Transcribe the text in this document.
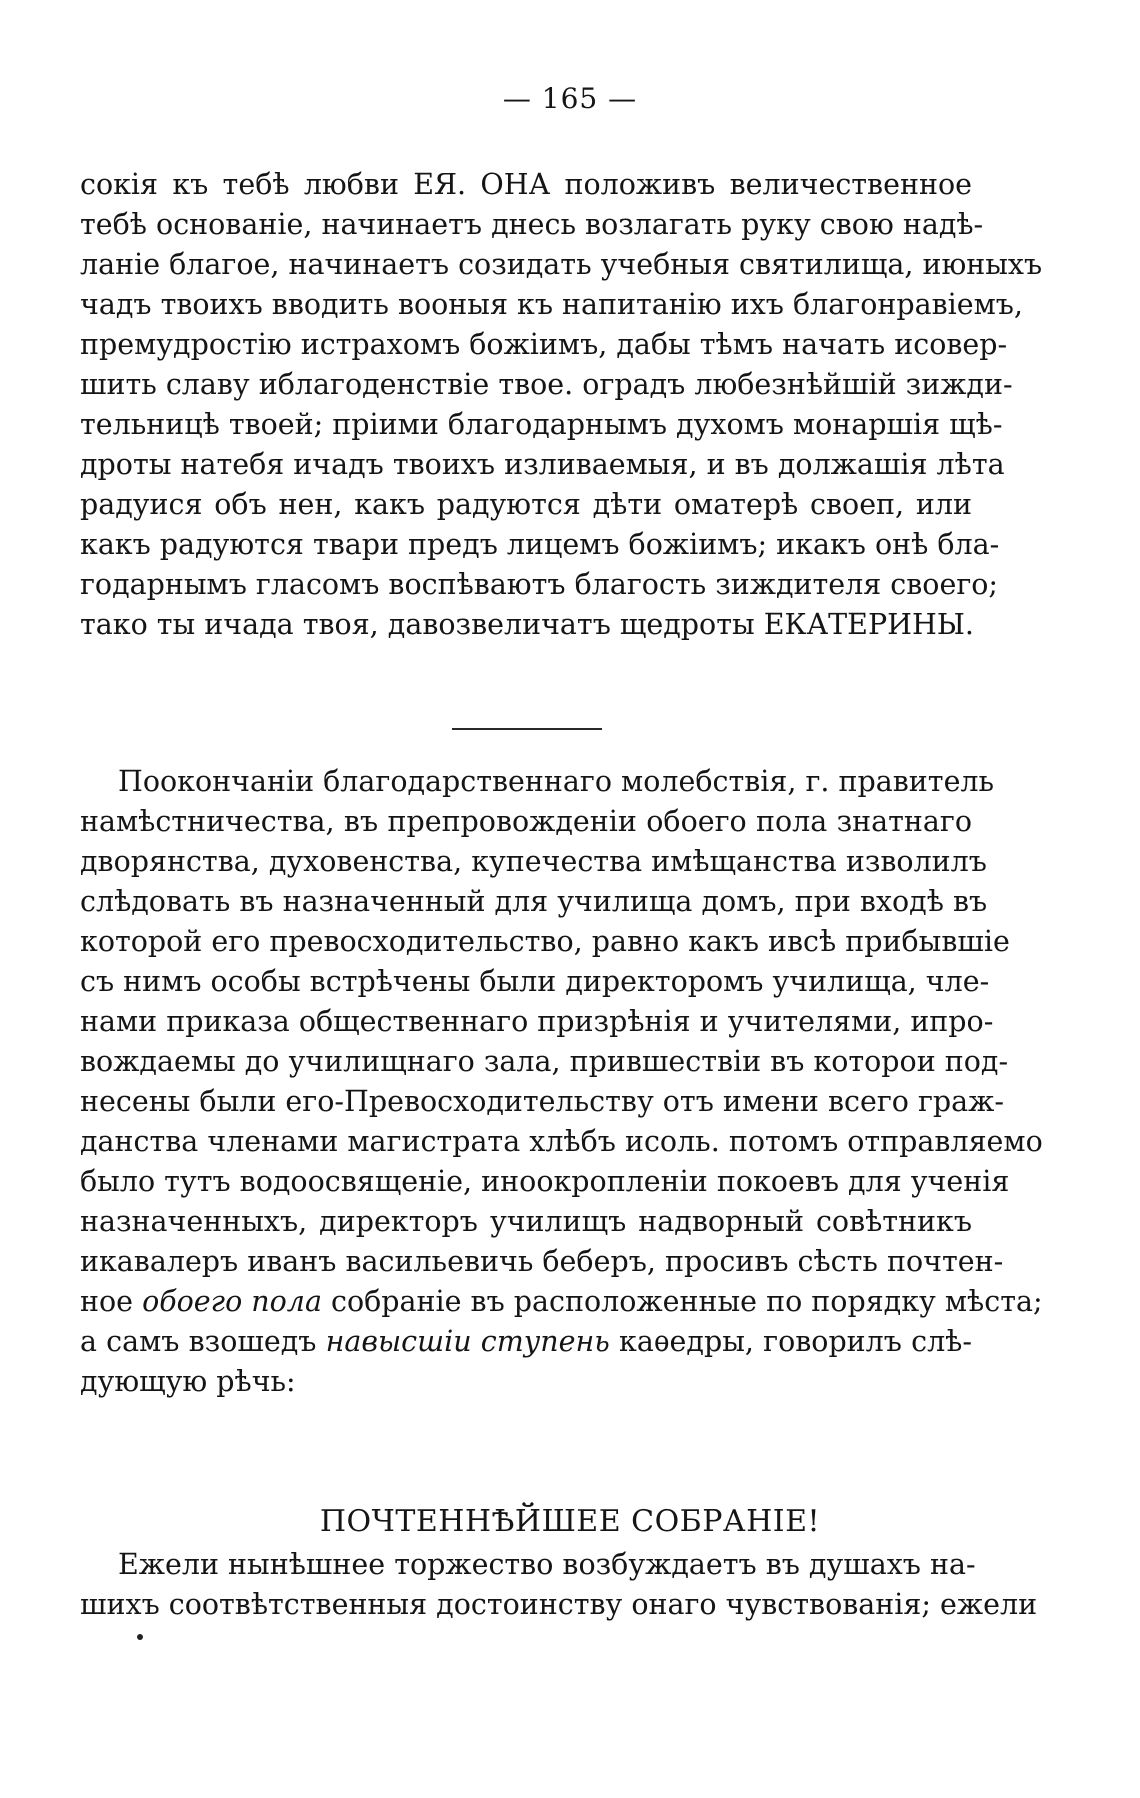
— 165 —
сокія къ тебѣ любви ЕЯ. ОНА положивъ величественное
тебѣ основаніе, начинаетъ днесь возлагать руку свою надѣ-
ланіе благое, начинаетъ созидать учебныя святилища, июныхъ
чадъ твоихъ вводить вооныя къ напитанію ихъ благонравіемъ,
премудростію истрахомъ божіимъ, дабы тѣмъ начать исовер-
шить славу иблагоденствіе твое. оградъ любезнѣйшій зижди-
тельницѣ твоей; пріими благодарнымъ духомъ монаршія щѣ-
дроты натебя ичадъ твоихъ изливаемыя, и въ должашія лѣта
радуися объ нен, какъ радуются дѣти оматерѣ своеп, или
какъ радуются твари предъ лицемъ божіимъ; икакъ онѣ бла-
годарнымъ гласомъ воспѣваютъ благость зиждителя своего;
тако ты ичада твоя, давозвеличатъ щедроты ЕКАТЕРИНЫ.
Поокончаніи благодарственнаго молебствія, г. правитель
намѣстничества, въ препровожденіи обоего пола знатнаго
дворянства, духовенства, купечества имѣщанства изволилъ
слѣдовать въ назначенный для училища домъ, при входѣ въ
которой его превосходительство, равно какъ ивсѣ прибывшіе
съ нимъ особы встрѣчены были директоромъ училища, чле-
нами приказа общественнаго призрѣнія и учителями, ипро-
вождаемы до училищнаго зала, прившествіи въ которои под-
несены были его-Превосходительству отъ имени всего граж-
данства членами магистрата хлѣбъ исоль. потомъ отправляемо
было тутъ водоосвященіе, иноокропленіи покоевъ для ученія
назначенныхъ, директоръ училищъ надворный совѣтникъ
икавалеръ иванъ васильевичь беберъ, просивъ сѣсть почтен-
ное обоего пола собраніе въ расположенные по порядку мѣста;
а самъ взошедъ навысшіи ступень каѳедры, говорилъ слѣ-
дующую рѣчь:
ПОЧТЕННѢЙШЕЕ СОБРАНІЕ!
Ежели нынѣшнее торжество возбуждаетъ въ душахъ на-
шихъ соотвѣтственныя достоинству онаго чувствованія; ежели
